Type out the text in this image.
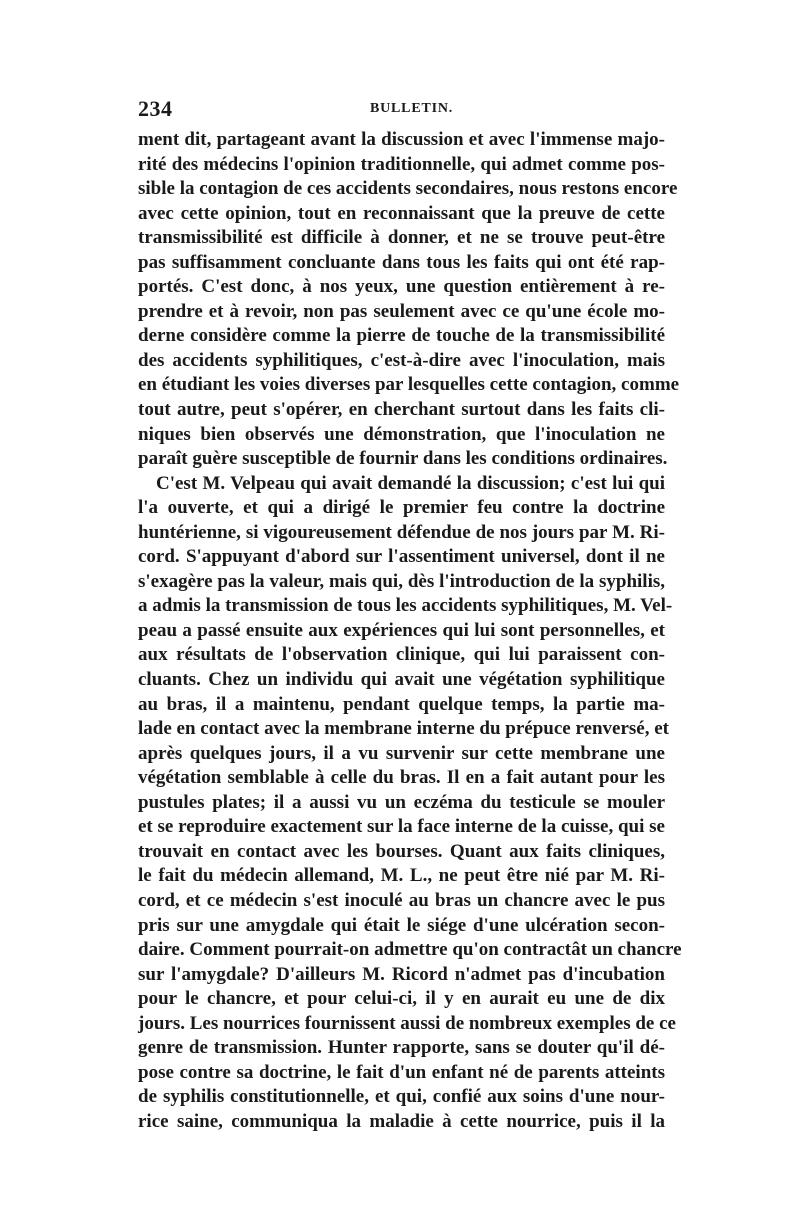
234	BULLETIN.
ment dit, partageant avant la discussion et avec l'immense majo-
rité des médecins l'opinion traditionnelle, qui admet comme pos-
sible la contagion de ces accidents secondaires, nous restons encore
avec cette opinion, tout en reconnaissant que la preuve de cette
transmissibilité est difficile à donner, et ne se trouve peut-être
pas suffisamment concluante dans tous les faits qui ont été rap-
portés. C'est donc, à nos yeux, une question entièrement à re-
prendre et à revoir, non pas seulement avec ce qu'une école mo-
derne considère comme la pierre de touche de la transmissibilité
des accidents syphilitiques, c'est-à-dire avec l'inoculation, mais
en étudiant les voies diverses par lesquelles cette contagion, comme
tout autre, peut s'opérer, en cherchant surtout dans les faits cli-
niques bien observés une démonstration, que l'inoculation ne
paraît guère susceptible de fournir dans les conditions ordinaires.
C'est M. Velpeau qui avait demandé la discussion; c'est lui qui
l'a ouverte, et qui a dirigé le premier feu contre la doctrine
huntérienne, si vigoureusement défendue de nos jours par M. Ri-
cord. S'appuyant d'abord sur l'assentiment universel, dont il ne
s'exagère pas la valeur, mais qui, dès l'introduction de la syphilis,
a admis la transmission de tous les accidents syphilitiques, M. Vel-
peau a passé ensuite aux expériences qui lui sont personnelles, et
aux résultats de l'observation clinique, qui lui paraissent con-
cluants. Chez un individu qui avait une végétation syphilitique
au bras, il a maintenu, pendant quelque temps, la partie ma-
lade en contact avec la membrane interne du prépuce renversé, et
après quelques jours, il a vu survenir sur cette membrane une
végétation semblable à celle du bras. Il en a fait autant pour les
pustules plates; il a aussi vu un eczéma du testicule se mouler
et se reproduire exactement sur la face interne de la cuisse, qui se
trouvait en contact avec les bourses. Quant aux faits cliniques,
le fait du médecin allemand, M. L., ne peut être nié par M. Ri-
cord, et ce médecin s'est inoculé au bras un chancre avec le pus
pris sur une amygdale qui était le siége d'une ulcération secon-
daire. Comment pourrait-on admettre qu'on contractât un chancre
sur l'amygdale? D'ailleurs M. Ricord n'admet pas d'incubation
pour le chancre, et pour celui-ci, il y en aurait eu une de dix
jours. Les nourrices fournissent aussi de nombreux exemples de ce
genre de transmission. Hunter rapporte, sans se douter qu'il dé-
pose contre sa doctrine, le fait d'un enfant né de parents atteints
de syphilis constitutionnelle, et qui, confié aux soins d'une nour-
rice saine, communiqua la maladie à cette nourrice, puis il la
